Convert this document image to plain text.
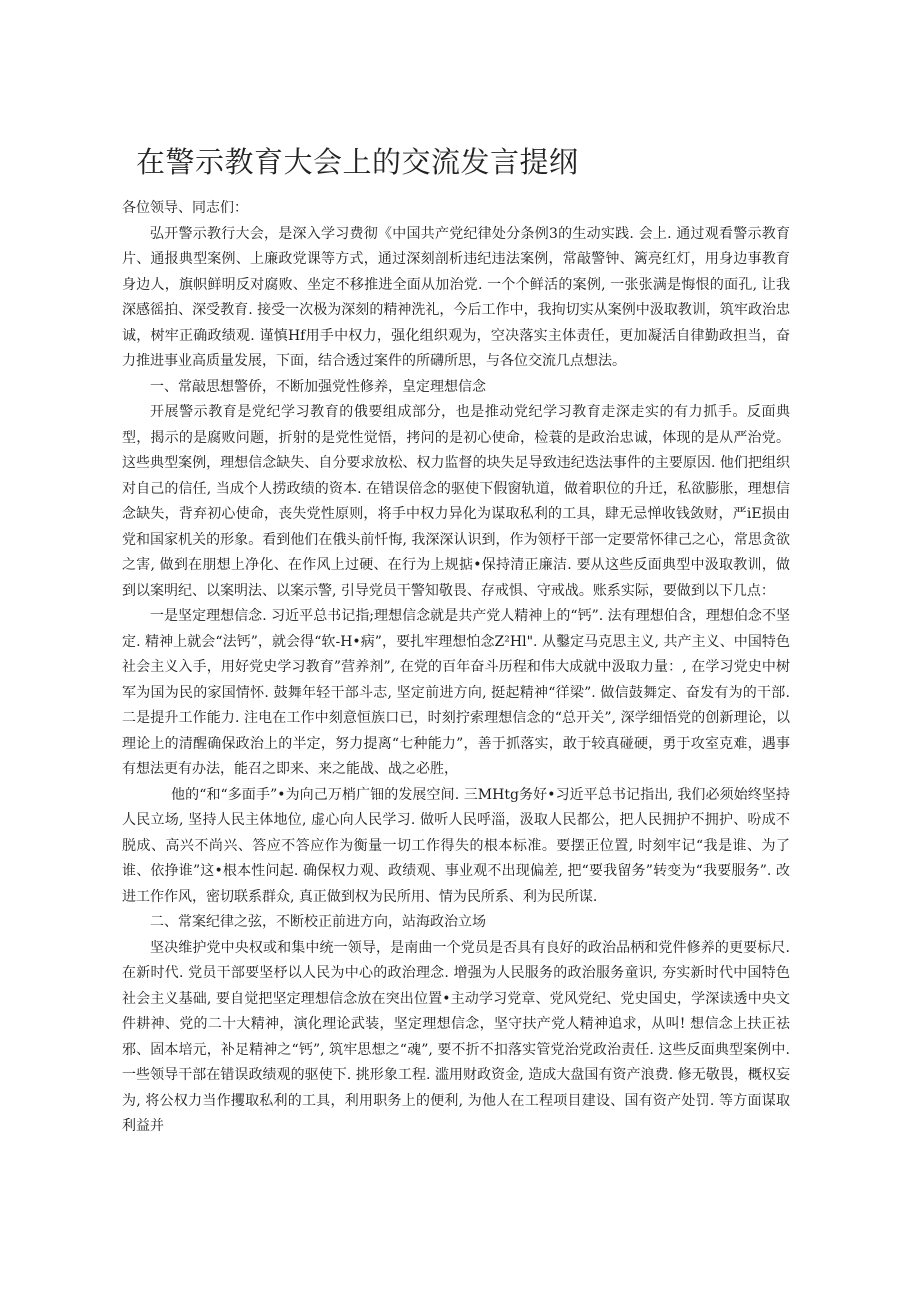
在警示教育大会上的交流发言提纲

各位领导、同志们：

弘开警示教行大会，是深入学习费彻《中国共产党纪律处分条例3的生动实践. 会上. 通过观看警示教育片、通报典型案例、上廉政党课等方式，通过深刻剖析违纪违法案例，常敲警钟、篱亮红灯，用身边事教育身边人，旗帜鲜明反对腐败、坐定不移推进全面从加治党. 一个个鲜活的案例, 一张张满是悔恨的面孔, 让我深感徭拍、深受教育. 接受一次极为深刻的精神洗礼，今后工作中，我拘切实从案例中汲取教训，筑牢政治忠诚，树牢正确政绩观. 谨慎Hf用手中权力，强化组织观为，空决落实主体责任，更加凝活自律勤政担当，奋力推进事业高质量发展，下面，结合透过案件的所礴所思，与各位交流几点想法。

一、常敲思想警侨，不断加强党性修养，皇定理想信念

开展警示教育是党纪学习教育的俄要组成部分，也是推动党纪学习教育走深走实的有力抓手。反面典型，揭示的是腐败问题，折射的是党性觉悟，拷问的是初心使命，检蓑的是政治忠诚，体现的是从严治党。这些典型案例，理想信念缺失、自分要求放松、权力监督的块失足导致违纪迭法事件的主要原因. 他们把组织对自己的信任, 当成个人捞政绩的资本. 在错误倍念的驱使下假窗轨道，做着职位的升迁，私欲膨胀，理想信念缺失，背弃初心使命，丧失党性原则，将手中权力异化为谋取私利的工具，肆无忌惮收钱敛财，严iE损由党和国家机关的形象。看到他们在俄头前忏悔, 我深深认识到，作为领杼干部一定要常怀律己之心，常思贪欲之害, 做到在朋想上净化、在作风上过硬、在行为上规掂•保持清正廉洁. 要从这些反面典型中汲取教训，做到以案明纪、以案明法、以案示警, 引导党员干警知敬畏、存戒惧、守戒战。账系实际，要做到以下几点：

一是坚定理想信念. 习近平总书记指;理想信念就是共产党人精神上的“钙”. 法有理想伯含，理想伯念不坚定. 精神上就会“法钙”，就会得“软-H•病”，要扎牢理想怕念Z²Hl". 从鑿定马克思主义, 共产主义、中国特色社会主义入手，用好党史学习教育”营养剂”, 在党的百年奋斗历程和伟大成就中汲取力量：, 在学习党史中树军为国为民的家国情怀. 鼓舞年轻干部斗志, 坚定前进方向, 挺起精神“徉梁”. 做信鼓舞定、奋发有为的干部. 二是提升工作能力. 注电在工作中刻意恒族口已，时刻拧索理想信念的“总开关”, 深学细悟党的创新理论，以理论上的清醒确保政治上的半定，努力提离“七种能力”，善于抓落实，敢于较真碰硬，勇于攻室克难，遇事有想法更有办法，能召之即来、来之能战、战之必胜，

他的“和“多面手”•为向己万梢广钿的发展空间. 三MHtg务好•习近平总书记指出, 我们必须始终坚持人民立场, 坚持人民主体地位, 虚心向人民学习. 做听人民呼淄，汲取人民都公，把人民拥护不拥护、吩成不脱成、高兴不尚兴、答应不答应作为衡量一切工作得失的根本标准。要摆正位置, 时刻牢记“我是谁、为了谁、依挣谁”这•根本性问起. 确保权力观、政绩观、事业观不出现偏差, 把“要我留务”转变为“我要服务”. 改进工作作风，密切联系群众, 真正做到权为民所用、情为民所系、利为民所谋.

二、常案纪律之弦，不断校正前进方向，站海政治立场

坚决维护党中央权或和集中统一领导，是南曲一个党员是否具有良好的政治品柄和党件修养的更要标尺. 在新时代. 党员干部要坚杼以人民为中心的政治理念. 增强为人民服务的政治服务童识, 夯实新时代中国特色社会主义基础, 要自觉把坚定理想信念放在突出位置•主动学习党章、党风党纪、党史国史，学深读透中央文件耕神、党的二十大精神，演化理论武装，坚定理想信念，坚守扶产党人精神追求，从叫! 想信念上扶正祛邪、固本培元，补足精神之“钙”, 筑牢思想之“魂”, 要不折不扣落实管党治党政治责任. 这些反面典型案例中. 一些领导干部在错误政绩观的驱使下. 挑形象工程. 滥用财政资金, 造成大盘国有资产浪费. 修无敬畏，概权妄为, 将公权力当作攫取私利的工具，利用职务上的便利, 为他人在工程项目建设、国有资产处罚. 等方面谋取利益并
